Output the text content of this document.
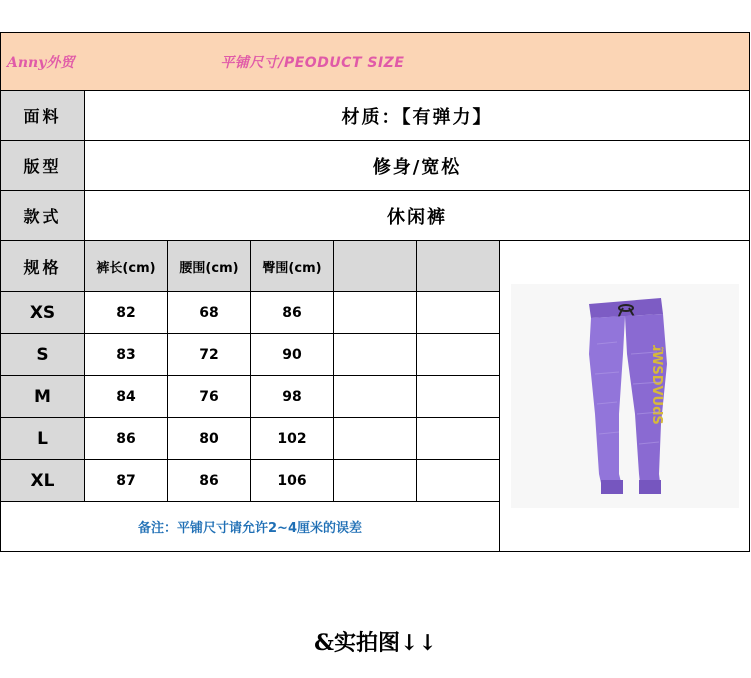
Anny外贸 平铺尺寸/PEODUCT SIZE						

面料	材质：【有弹力】					
版型	修身/宽松					
款式	休闲裤					
规格	裤长(cm)	腰围(cm)	臀围(cm)			ɹ̃WSDVUdS

XS	82	68	86			
S	83	72	90			
M	84	76	98			
L	86	80	102			
XL	87	86	106			
备注：平铺尺寸请允许2~4厘米的误差						
&实拍图↓↓
